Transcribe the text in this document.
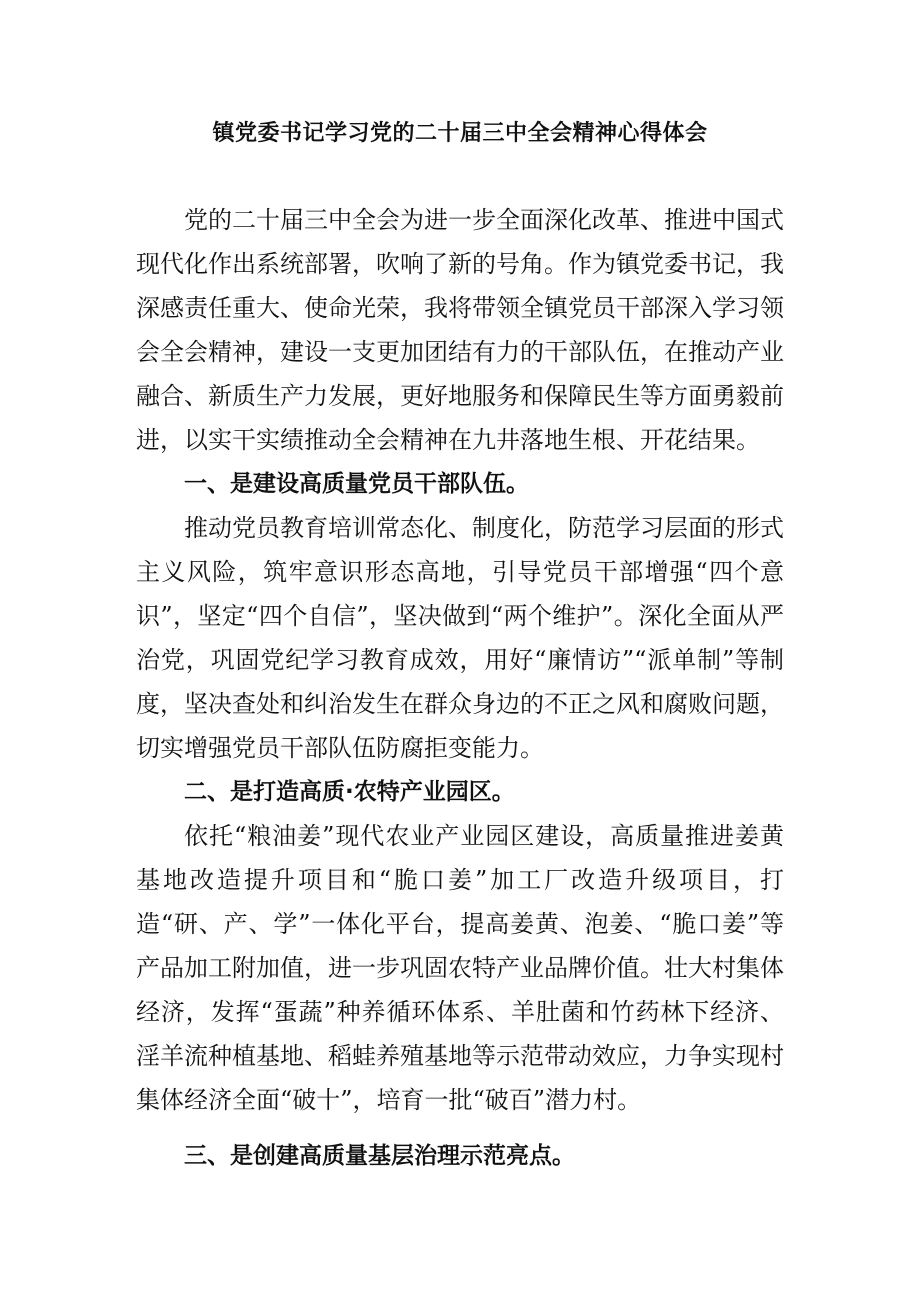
镇党委书记学习党的二十届三中全会精神心得体会

党的二十届三中全会为进一步全面深化改革、推进中国式现代化作出系统部署，吹响了新的号角。作为镇党委书记，我深感责任重大、使命光荣，我将带领全镇党员干部深入学习领会全会精神，建设一支更加团结有力的干部队伍，在推动产业融合、新质生产力发展，更好地服务和保障民生等方面勇毅前进，以实干实绩推动全会精神在九井落地生根、开花结果。

一、是建设高质量党员干部队伍。

推动党员教育培训常态化、制度化，防范学习层面的形式主义风险，筑牢意识形态高地，引导党员干部增强“四个意识”，坚定“四个自信”，坚决做到“两个维护”。深化全面从严治党，巩固党纪学习教育成效，用好“廉情访”“派单制”等制度，坚决查处和纠治发生在群众身边的不正之风和腐败问题，切实增强党员干部队伍防腐拒变能力。

二、是打造高质·农特产业园区。

依托“粮油姜”现代农业产业园区建设，高质量推进姜黄基地改造提升项目和“脆口姜”加工厂改造升级项目，打造“研、产、学”一体化平台，提高姜黄、泡姜、“脆口姜”等产品加工附加值，进一步巩固农特产业品牌价值。壮大村集体经济，发挥“蛋蔬”种养循环体系、羊肚菌和竹药林下经济、淫羊流种植基地、稻蛙养殖基地等示范带动效应，力争实现村集体经济全面“破十”，培育一批“破百”潜力村。

三、是创建高质量基层治理示范亮点。
